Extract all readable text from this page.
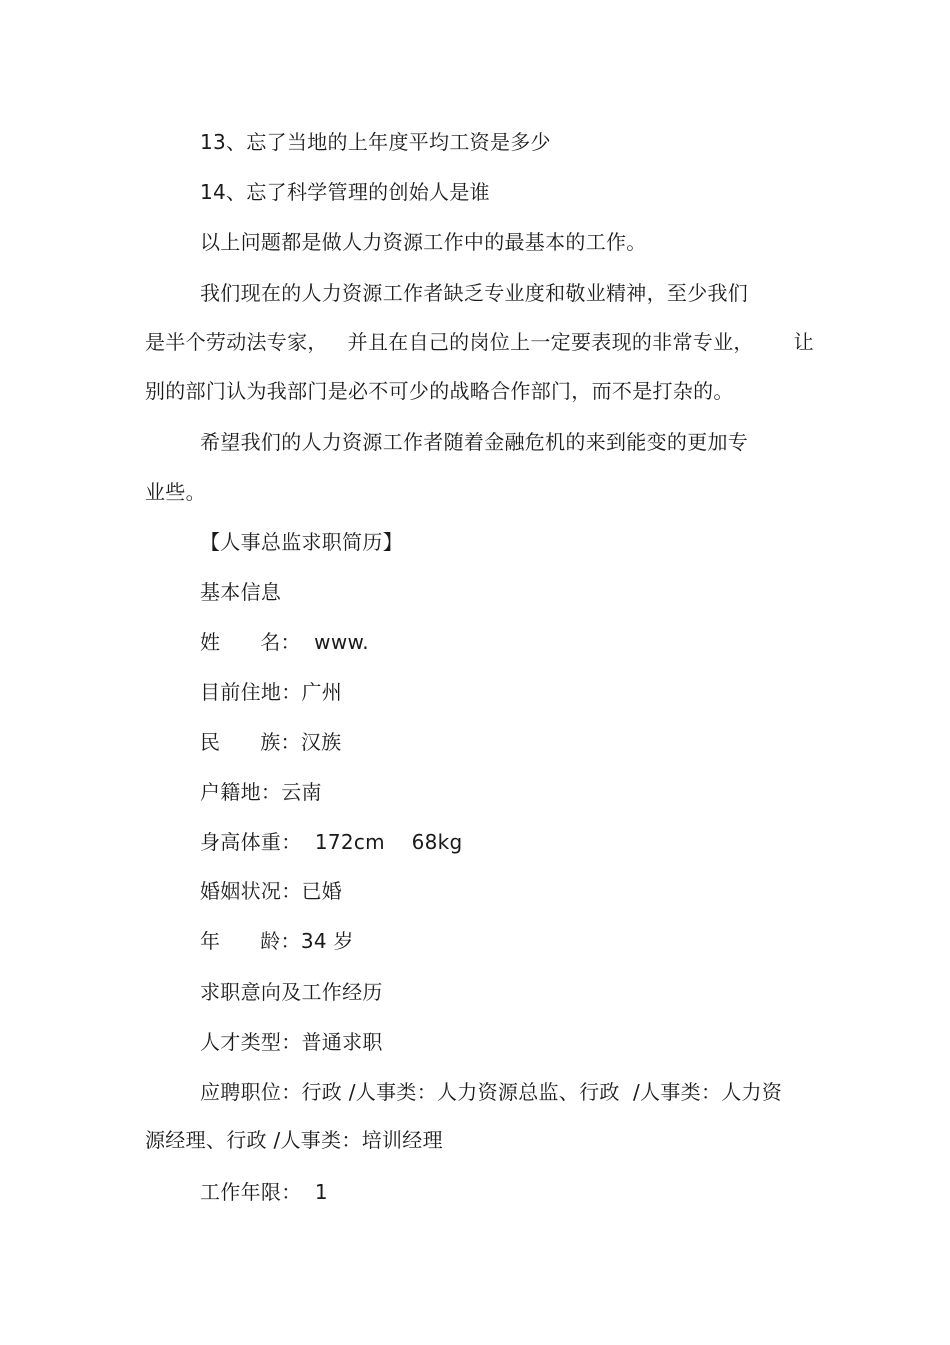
13、忘了当地的上年度平均工资是多少
14、忘了科学管理的创始人是谁
以上问题都是做人力资源工作中的最基本的工作。
我们现在的人力资源工作者缺乏专业度和敬业精神，至少我们
是半个劳动法专家，   并且在自己的岗位上一定要表现的非常专业，      让
别的部门认为我部门是必不可少的战略合作部门，而不是打杂的。
希望我们的人力资源工作者随着金融危机的来到能变的更加专
业些。
【人事总监求职简历】
基本信息
姓      名：  www.
目前住地：广州
民      族：汉族
户籍地：云南
身高体重：  172cm    68kg
婚姻状况：已婚
年      龄：34 岁
求职意向及工作经历
人才类型：普通求职
应聘职位：行政 /人事类：人力资源总监、行政  /人事类：人力资
源经理、行政 /人事类：培训经理
工作年限：  1
